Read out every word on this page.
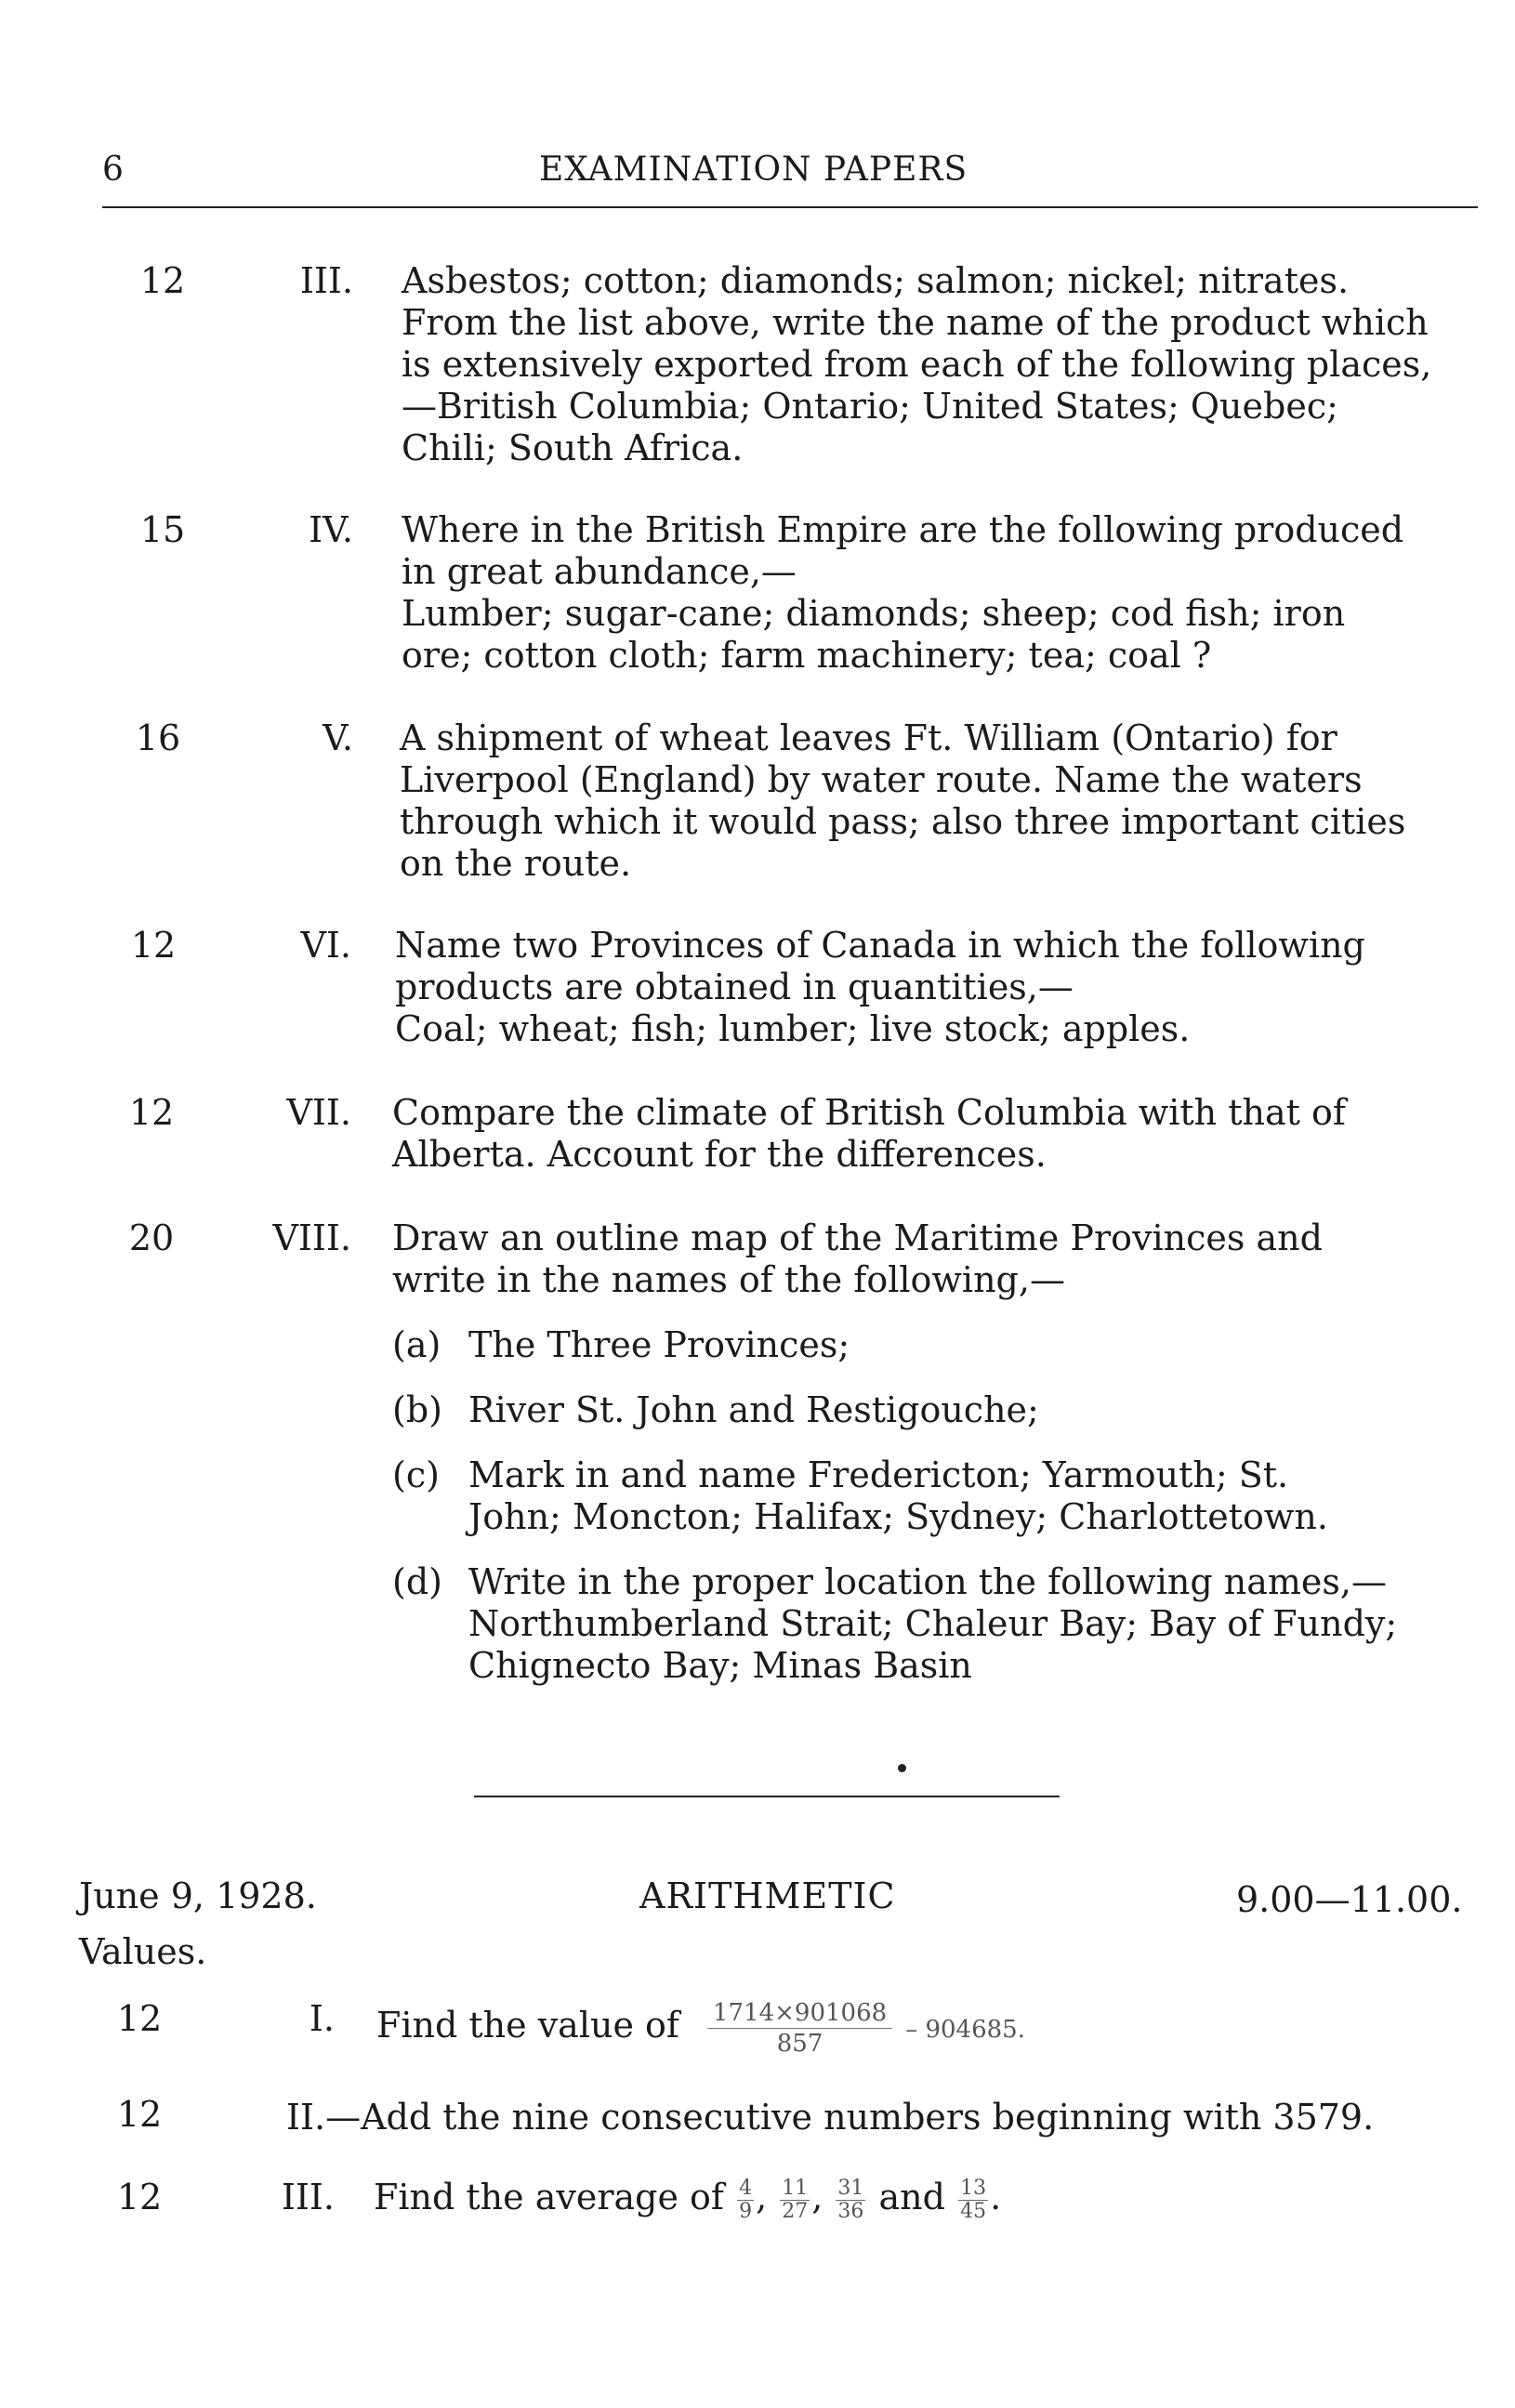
6	EXAMINATION PAPERS
12	III. Asbestos; cotton; diamonds; salmon; nickel; nitrates.
From the list above, write the name of the product which
is extensively exported from each of the following places,
—British Columbia; Ontario; United States; Quebec;
Chili; South Africa.
15	IV. Where in the British Empire are the following produced
in great abundance,—
Lumber; sugar-cane; diamonds; sheep; cod fish; iron
ore; cotton cloth; farm machinery; tea; coal ?
16	V. A shipment of wheat leaves Ft. William (Ontario) for
Liverpool (England) by water route. Name the waters
through which it would pass; also three important cities
on the route.
12	VI. Name two Provinces of Canada in which the following
products are obtained in quantities,—
Coal; wheat; fish; lumber; live stock; apples.
12	VII. Compare the climate of British Columbia with that of
Alberta. Account for the differences.
20	VIII. Draw an outline map of the Maritime Provinces and
write in the names of the following,—
(a) The Three Provinces;
(b) River St. John and Restigouche;
(c) Mark in and name Fredericton; Yarmouth; St.
John; Moncton; Halifax; Sydney; Charlottetown.
(d) Write in the proper location the following names,—
Northumberland Strait; Chaleur Bay; Bay of Fundy;
Chignecto Bay; Minas Basin
June 9, 1928.	ARITHMETIC	9.00—11.00.
Values.
12	I. Find the value of $\frac{1714\times 901068}{857} - 904685$.
12	II.—Add the nine consecutive numbers beginning with 3579.
12	III. Find the average of $\frac{4}{9}$ , $\frac{11}{27}$ , $\frac{31}{36}$ and $\frac{13}{45}$ .
